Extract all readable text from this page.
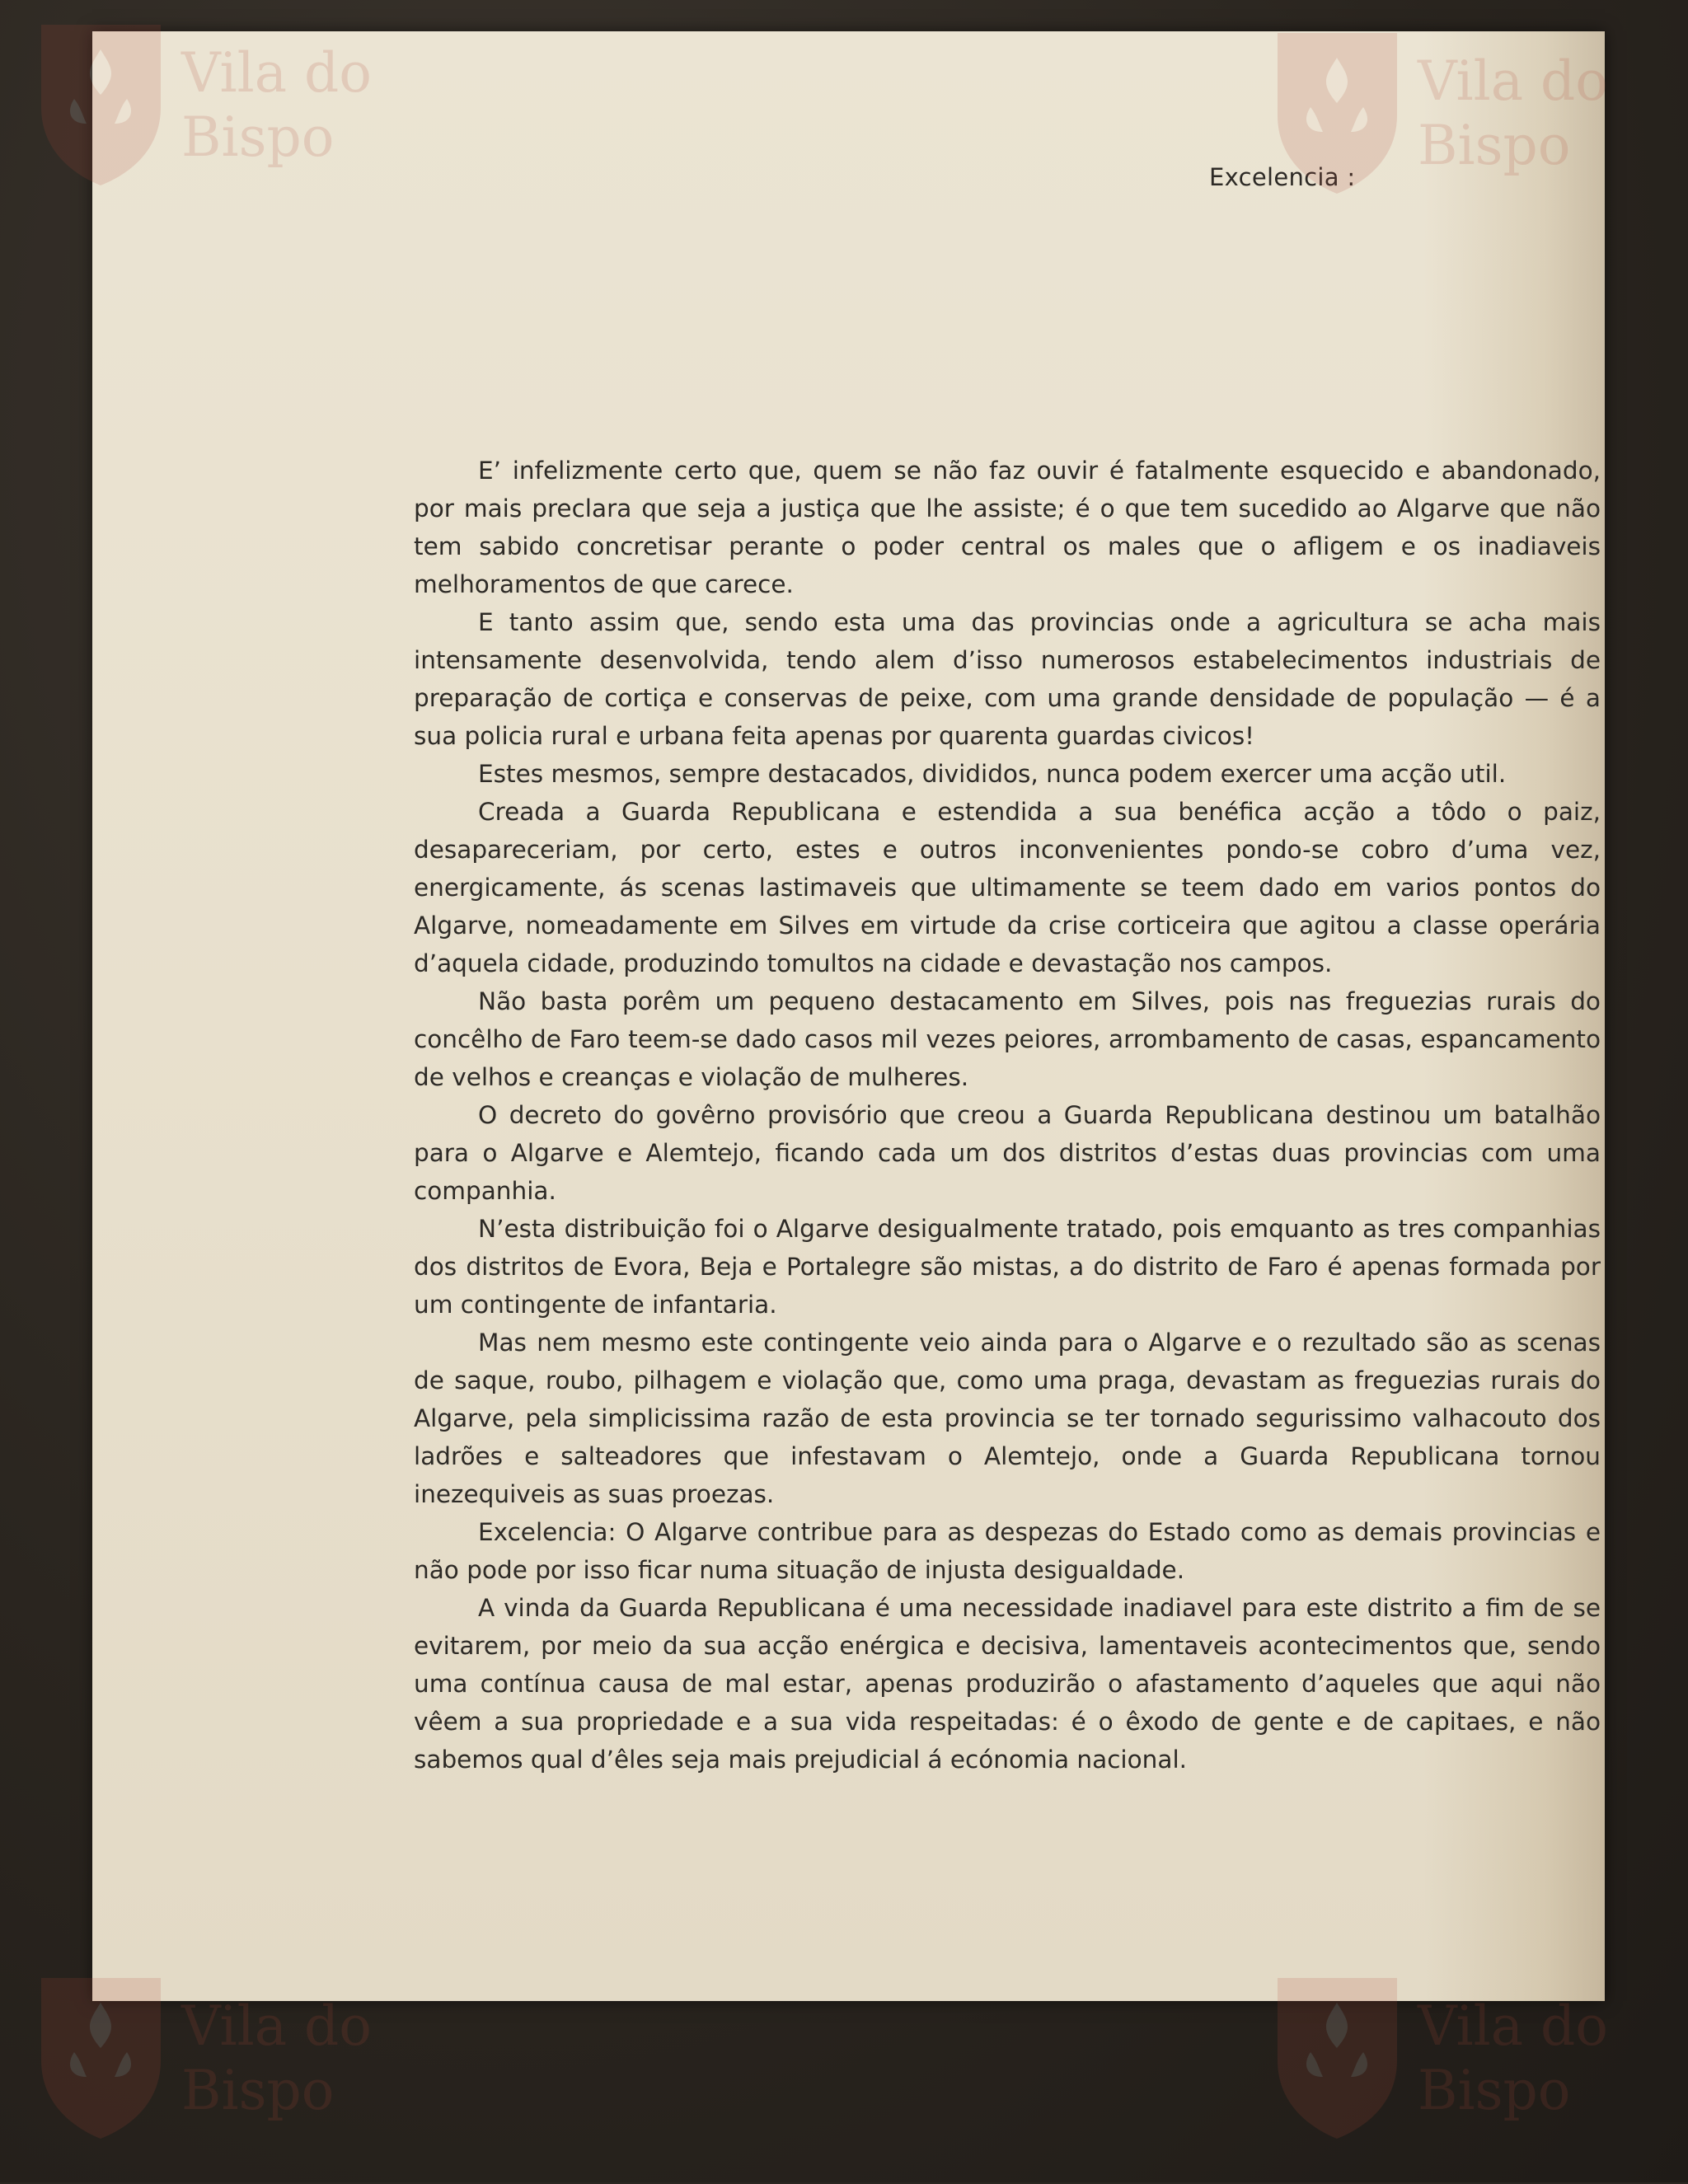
Excelencia :

E’ infelizmente certo que, quem se não faz ouvir é fatalmente esquecido e abandonado, por mais preclara que seja a justiça que lhe assiste; é o que tem sucedido ao Algarve que não tem sabido concretisar perante o poder central os males que o afligem e os inadiaveis melhoramentos de que carece.

E tanto assim que, sendo esta uma das provincias onde a agricultura se acha mais intensamente desenvolvida, tendo alem d’isso numerosos estabelecimentos industriais de preparação de cortiça e conservas de peixe, com uma grande densidade de população — é a sua policia rural e urbana feita apenas por quarenta guardas civicos!

Estes mesmos, sempre destacados, divididos, nunca podem exercer uma acção util.

Creada a Guarda Republicana e estendida a sua benéfica acção a tôdo o paiz, desapareceriam, por certo, estes e outros inconvenientes pondo-se cobro d’uma vez, energicamente, ás scenas lastimaveis que ultimamente se teem dado em varios pontos do Algarve, nomeadamente em Silves em virtude da crise corticeira que agitou a classe operária d’aquela cidade, produzindo tomultos na cidade e devastação nos campos.

Não basta porêm um pequeno destacamento em Silves, pois nas freguezias rurais do concêlho de Faro teem-se dado casos mil vezes peiores, arrombamento de casas, espancamento de velhos e creanças e violação de mulheres.

O decreto do govêrno provisório que creou a Guarda Republicana destinou um batalhão para o Algarve e Alemtejo, ficando cada um dos distritos d’estas duas provincias com uma companhia.

N’esta distribuição foi o Algarve desigualmente tratado, pois emquanto as tres companhias dos distritos de Evora, Beja e Portalegre são mistas, a do distrito de Faro é apenas formada por um contingente de infantaria.

Mas nem mesmo este contingente veio ainda para o Algarve e o rezultado são as scenas de saque, roubo, pilhagem e violação que, como uma praga, devastam as freguezias rurais do Algarve, pela simplicissima razão de esta provincia se ter tornado segurissimo valhacouto dos ladrões e salteadores que infestavam o Alemtejo, onde a Guarda Republicana tornou inezequiveis as suas proezas.

Excelencia: O Algarve contribue para as despezas do Estado como as demais provincias e não pode por isso ficar numa situação de injusta desigualdade.

A vinda da Guarda Republicana é uma necessidade inadiavel para este distrito a fim de se evitarem, por meio da sua acção enérgica e decisiva, lamentaveis acontecimentos que, sendo uma contínua causa de mal estar, apenas produzirão o afastamento d’aqueles que aqui não vêem a sua propriedade e a sua vida respeitadas: é o êxodo de gente e de capitaes, e não sabemos qual d’êles seja mais prejudicial á ecónomia nacional.
